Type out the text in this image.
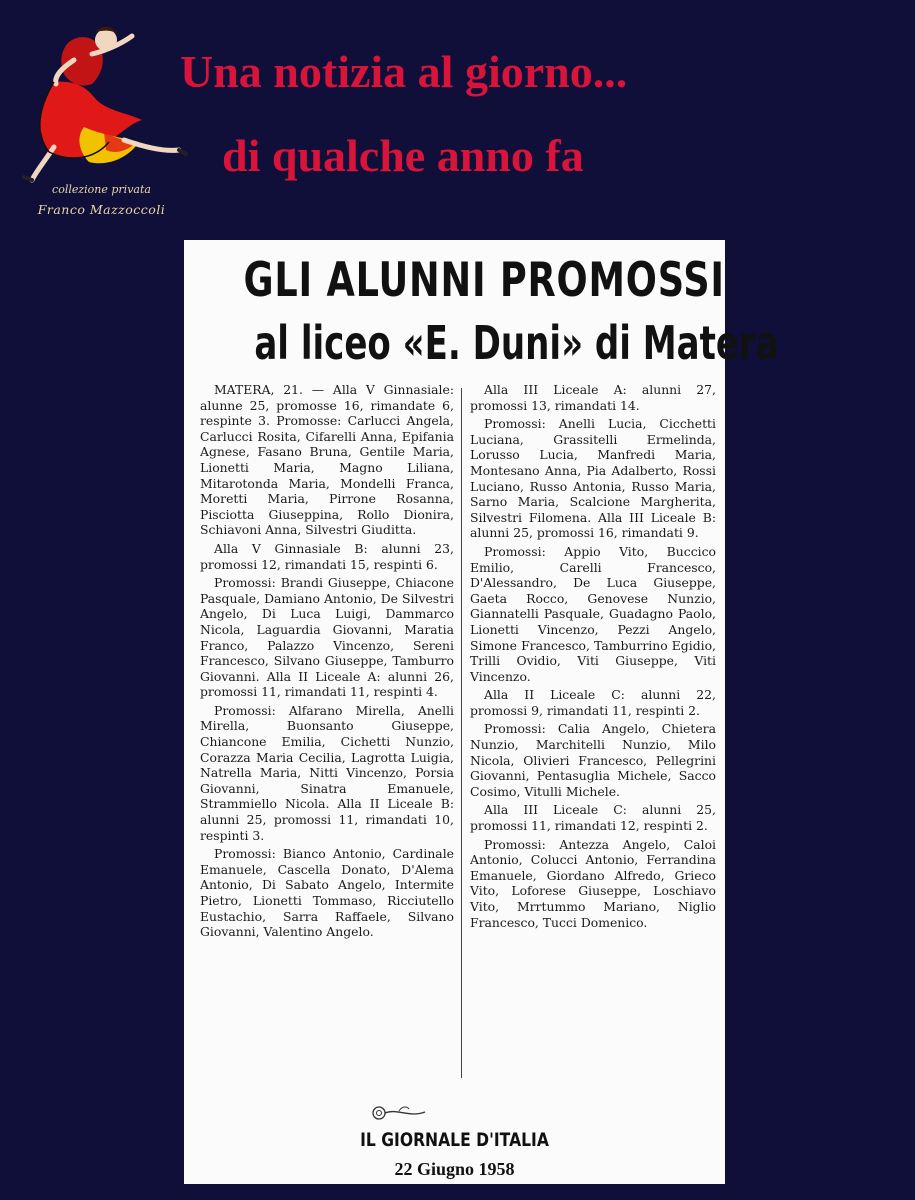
collezione privata
Franco Mazzoccoli
Una notizia al giorno...
di qualche anno fa
GLI ALUNNI PROMOSSI
al liceo «E. Duni» di Matera

MATERA, 21. — Alla V Ginnasiale: alunne 25, promosse 16, rimandate 6, respinte 3. Promosse: Carlucci Angela, Carlucci Rosita, Cifarelli Anna, Epifania Agnese, Fasano Bruna, Gentile Maria, Lionetti Maria, Magno Liliana, Mitarotonda Maria, Mondelli Franca, Moretti Maria, Pirrone Rosanna, Pisciotta Giuseppina, Rollo Dionira, Schiavoni Anna, Silvestri Giuditta.

Alla V Ginnasiale B: alunni 23, promossi 12, rimandati 15, respinti 6.

Promossi: Brandi Giuseppe, Chiacone Pasquale, Damiano Antonio, De Silvestri Angelo, Di Luca Luigi, Dammarco Nicola, Laguardia Giovanni, Maratia Franco, Palazzo Vincenzo, Sereni Francesco, Silvano Giuseppe, Tamburro Giovanni. Alla II Liceale A: alunni 26, promossi 11, rimandati 11, respinti 4.

Promossi: Alfarano Mirella, Anelli Mirella, Buonsanto Giuseppe, Chiancone Emilia, Cichetti Nunzio, Corazza Maria Cecilia, Lagrotta Luigia, Natrella Maria, Nitti Vincenzo, Porsia Giovanni, Sinatra Emanuele, Strammiello Nicola. Alla II Liceale B: alunni 25, promossi 11, rimandati 10, respinti 3.

Promossi: Bianco Antonio, Cardinale Emanuele, Cascella Donato, D'Alema Antonio, Di Sabato Angelo, Intermite Pietro, Lionetti Tommaso, Ricciutello Eustachio, Sarra Raffaele, Silvano Giovanni, Valentino Angelo.

Alla III Liceale A: alunni 27, promossi 13, rimandati 14.

Promossi: Anelli Lucia, Cicchetti Luciana, Grassitelli Ermelinda, Lorusso Lucia, Manfredi Maria, Montesano Anna, Pia Adalberto, Rossi Luciano, Russo Antonia, Russo Maria, Sarno Maria, Scalcione Margherita, Silvestri Filomena. Alla III Liceale B: alunni 25, promossi 16, rimandati 9.

Promossi: Appio Vito, Buccico Emilio, Carelli Francesco, D'Alessandro, De Luca Giuseppe, Gaeta Rocco, Genovese Nunzio, Giannatelli Pasquale, Guadagno Paolo, Lionetti Vincenzo, Pezzi Angelo, Simone Francesco, Tamburrino Egidio, Trilli Ovidio, Viti Giuseppe, Viti Vincenzo.

Alla II Liceale C: alunni 22, promossi 9, rimandati 11, respinti 2.

Promossi: Calia Angelo, Chietera Nunzio, Marchitelli Nunzio, Milo Nicola, Olivieri Francesco, Pellegrini Giovanni, Pentasuglia Michele, Sacco Cosimo, Vitulli Michele.

Alla III Liceale C: alunni 25, promossi 11, rimandati 12, respinti 2.

Promossi: Antezza Angelo, Caloi Antonio, Colucci Antonio, Ferrandina Emanuele, Giordano Alfredo, Grieco Vito, Loforese Giuseppe, Loschiavo Vito, Mrrtummo Mariano, Niglio Francesco, Tucci Domenico.

IL GIORNALE D'ITALIA
22 Giugno 1958
